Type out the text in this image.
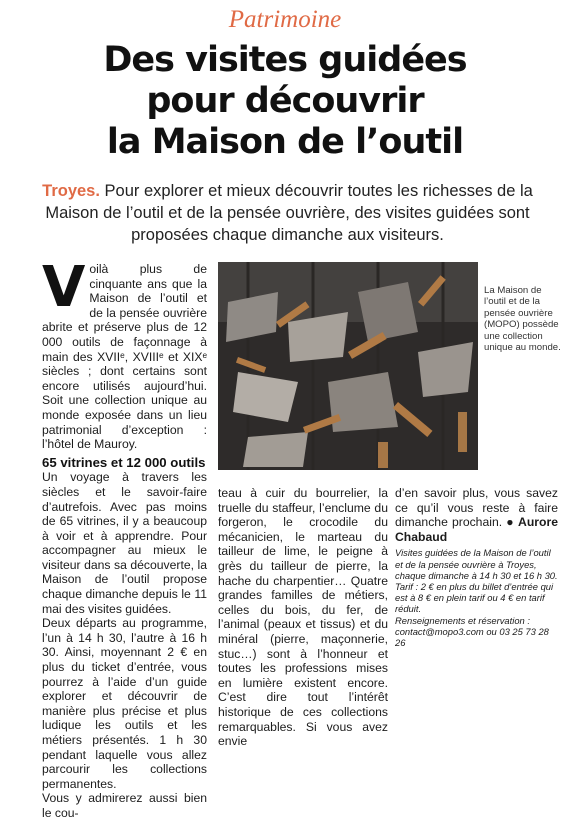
Patrimoine
Des visites guidées
pour découvrir
la Maison de l’outil
Troyes. Pour explorer et mieux découvrir toutes les richesses de la Maison de l’outil et de la pensée ouvrière, des visites guidées sont proposées chaque dimanche aux visiteurs.
V oilà plus de cinquante ans que la Maison de l’outil et de la pensée ouvrière abrite et préserve plus de 12 000 outils de façonnage à main des XVIIᵉ, XVIIIᵉ et XIXᵉ siècles ; dont certains sont encore utilisés aujourd’hui. Soit une collection unique au monde exposée dans un lieu patrimonial d’exception : l’hôtel de Mauroy.

65 vitrines et 12 000 outils

Un voyage à travers les siècles et le savoir-faire d’autrefois. Avec pas moins de 65 vitrines, il y a beaucoup à voir et à apprendre. Pour accompagner au mieux le visiteur dans sa découverte, la Maison de l’outil propose chaque dimanche depuis le 11 mai des visites guidées.

Deux départs au programme, l’un à 14 h 30, l’autre à 16 h 30. Ainsi, moyennant 2 € en plus du ticket d’entrée, vous pourrez à l’aide d’un guide explorer et découvrir de manière plus précise et plus ludique les outils et les métiers présentés. 1 h 30 pendant laquelle vous allez parcourir les collections permanentes.

Vous y admirerez aussi bien le cou-

La Maison de l’outil et de la pensée ouvrière (MOPO) possède une collection unique au monde.

teau à cuir du bourrelier, la truelle du staffeur, l’enclume du forgeron, le crocodile du mécanicien, le marteau du tailleur de lime, le peigne à grès du tailleur de pierre, la hache du charpentier… Quatre grandes familles de métiers, celles du bois, du fer, de l’animal (peaux et tissus) et du minéral (pierre, maçonnerie, stuc…) sont à l’honneur et toutes les professions mises en lumière existent encore. C’est dire tout l’intérêt historique de ces collections remarquables. Si vous avez envie

d’en savoir plus, vous savez ce qu’il vous reste à faire dimanche prochain. ● Aurore Chabaud

Visites guidées de la Maison de l’outil et de la pensée ouvrière à Troyes, chaque dimanche à 14 h 30 et 16 h 30. Tarif : 2 € en plus du billet d’entrée qui est à 8 € en plein tarif ou 4 € en tarif réduit.

Renseignements et réservation : contact@mopo3.com ou 03 25 73 28 26
